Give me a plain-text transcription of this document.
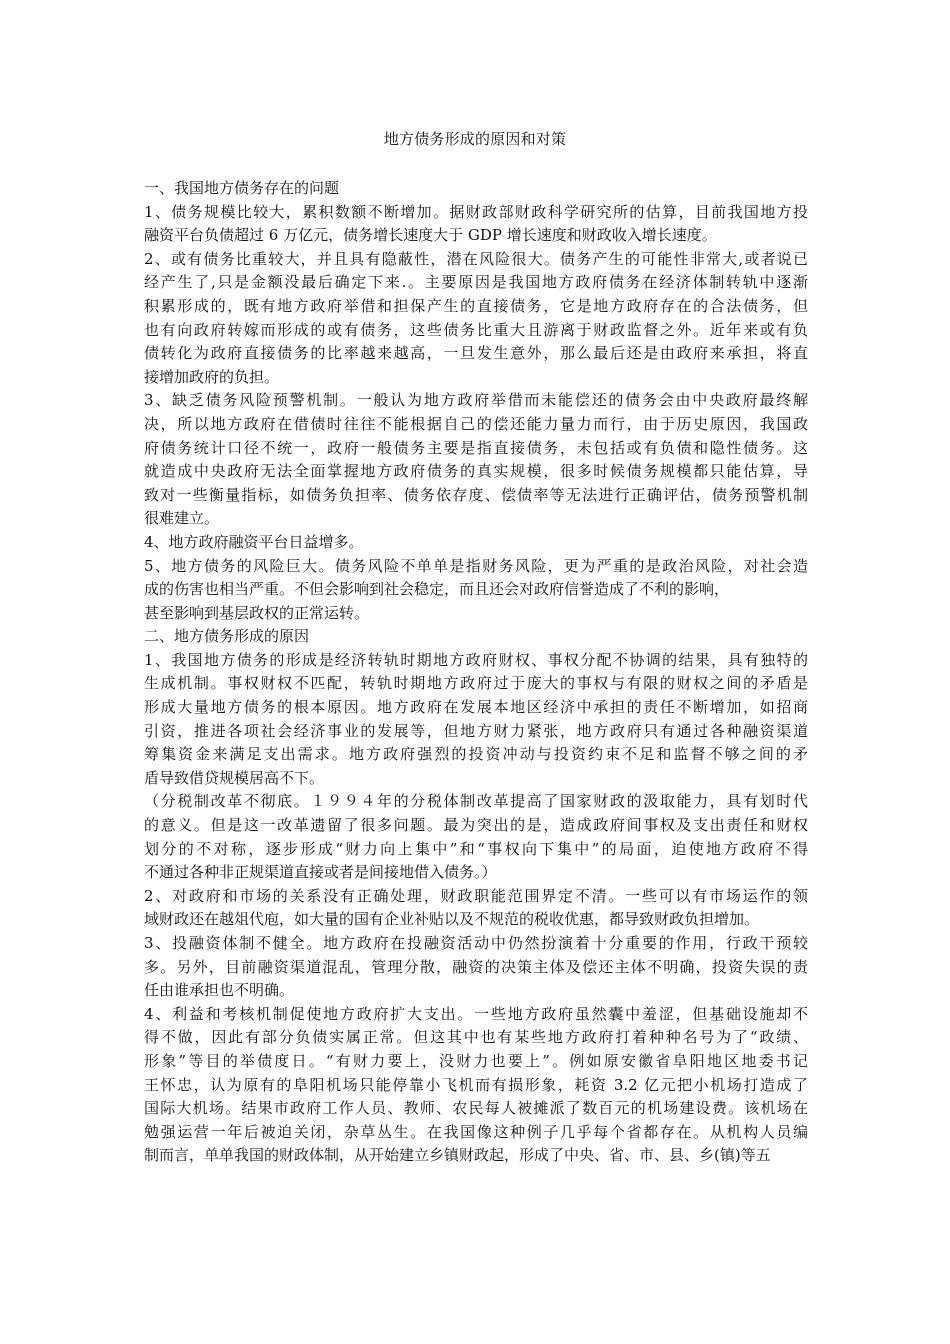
地方债务形成的原因和对策
一、我国地方债务存在的问题
1、债务规模比较大，累积数额不断增加。据财政部财政科学研究所的估算，目前我国地方投
融资平台负债超过 6 万亿元，债务增长速度大于 GDP 增长速度和财政收入增长速度。
2、或有债务比重较大，并且具有隐蔽性，潜在风险很大。债务产生的可能性非常大,或者说已
经产生了,只是金额没最后确定下来.。主要原因是我国地方政府债务在经济体制转轨中逐渐
积累形成的，既有地方政府举借和担保产生的直接债务，它是地方政府存在的合法债务，但
也有向政府转嫁而形成的或有债务，这些债务比重大且游离于财政监督之外。近年来或有负
债转化为政府直接债务的比率越来越高，一旦发生意外，那么最后还是由政府来承担，将直
接增加政府的负担。
3、缺乏债务风险预警机制。一般认为地方政府举借而未能偿还的债务会由中央政府最终解
决，所以地方政府在借债时往往不能根据自己的偿还能力量力而行，由于历史原因，我国政
府债务统计口径不统一，政府一般债务主要是指直接债务，未包括或有负债和隐性债务。这
就造成中央政府无法全面掌握地方政府债务的真实规模，很多时候债务规模都只能估算，导
致对一些衡量指标，如债务负担率、债务依存度、偿债率等无法进行正确评估，债务预警机制
很难建立。
4、地方政府融资平台日益增多。
5、地方债务的风险巨大。债务风险不单单是指财务风险，更为严重的是政治风险，对社会造
成的伤害也相当严重。不但会影响到社会稳定，而且还会对政府信誉造成了不利的影响，
甚至影响到基层政权的正常运转。
二、地方债务形成的原因
1、我国地方债务的形成是经济转轨时期地方政府财权、事权分配不协调的结果，具有独特的
生成机制。事权财权不匹配，转轨时期地方政府过于庞大的事权与有限的财权之间的矛盾是
形成大量地方债务的根本原因。地方政府在发展本地区经济中承担的责任不断增加，如招商
引资，推进各项社会经济事业的发展等，但地方财力紧张，地方政府只有通过各种融资渠道
筹集资金来满足支出需求。地方政府强烈的投资冲动与投资约束不足和监督不够之间的矛
盾导致借贷规模居高不下。
（分税制改革不彻底。１９９４年的分税体制改革提高了国家财政的汲取能力，具有划时代
的意义。但是这一改革遗留了很多问题。最为突出的是，造成政府间事权及支出责任和财权
划分的不对称，逐步形成“财力向上集中”和“事权向下集中”的局面，迫使地方政府不得
不通过各种非正规渠道直接或者是间接地借入债务。）
2、对政府和市场的关系没有正确处理，财政职能范围界定不清。一些可以有市场运作的领
域财政还在越俎代庖，如大量的国有企业补贴以及不规范的税收优惠，都导致财政负担增加。
3、投融资体制不健全。地方政府在投融资活动中仍然扮演着十分重要的作用，行政干预较
多。另外，目前融资渠道混乱，管理分散，融资的决策主体及偿还主体不明确，投资失误的责
任由谁承担也不明确。
4、利益和考核机制促使地方政府扩大支出。一些地方政府虽然囊中羞涩，但基础设施却不
得不做，因此有部分负债实属正常。但这其中也有某些地方政府打着种种名号为了“政绩、
形象”等目的举债度日。“有财力要上，没财力也要上”。例如原安徽省阜阳地区地委书记
王怀忠，认为原有的阜阳机场只能停靠小飞机而有损形象，耗资 3.2 亿元把小机场打造成了
国际大机场。结果市政府工作人员、教师、农民每人被摊派了数百元的机场建设费。该机场在
勉强运营一年后被迫关闭，杂草丛生。在我国像这种例子几乎每个省都存在。从机构人员编
制而言，单单我国的财政体制，从开始建立乡镇财政起，形成了中央、省、市、县、乡(镇)等五
